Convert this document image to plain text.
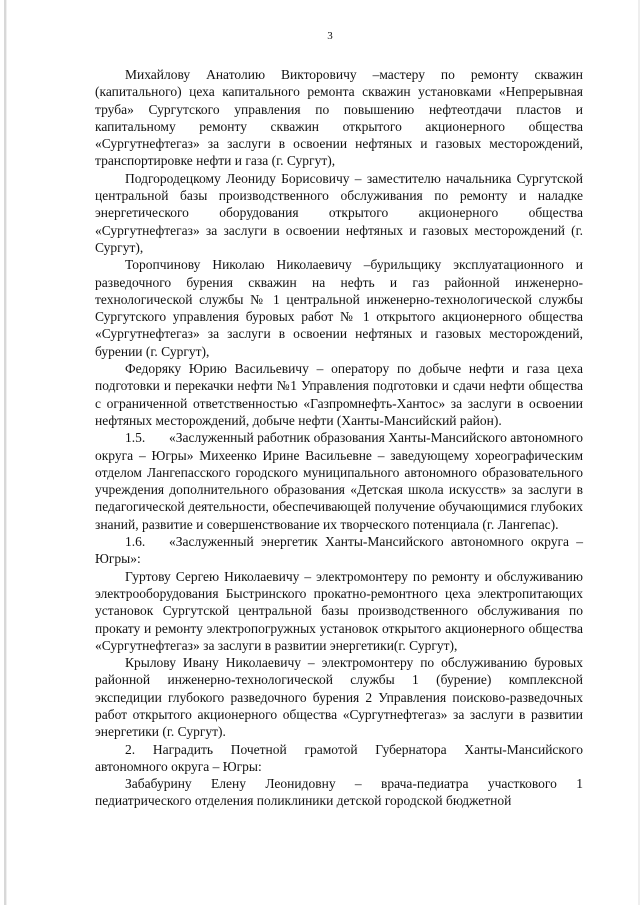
3

Михайлову Анатолию Викторовичу –мастеру по ремонту скважин (капитального) цеха капитального ремонта скважин установками «Непрерывная труба» Сургутского управления по повышению нефтеотдачи пластов и капитальному ремонту скважин открытого акционерного общества «Сургутнефтегаз» за заслуги в освоении нефтяных и газовых месторождений, транспортировке нефти и газа (г. Сургут),

Подгородецкому Леониду Борисовичу – заместителю начальника Сургутской центральной базы производственного обслуживания по ремонту и наладке энергетического оборудования открытого акционерного общества «Сургутнефтегаз» за заслуги в освоении нефтяных и газовых месторождений (г. Сургут),

Торопчинову Николаю Николаевичу –бурильщику эксплуатационного и разведочного бурения скважин на нефть и газ районной инженерно-технологической службы № 1 центральной инженерно-технологической службы Сургутского управления буровых работ № 1 открытого акционерного общества «Сургутнефтегаз» за заслуги в освоении нефтяных и газовых месторождений, бурении (г. Сургут),

Федоряку Юрию Васильевичу – оператору по добыче нефти и газа цеха подготовки и перекачки нефти №1 Управления подготовки и сдачи нефти общества с ограниченной ответственностью «Газпромнефть-Хантос» за заслуги в освоении нефтяных месторождений, добыче нефти (Ханты-Мансийский район).

1.5. «Заслуженный работник образования Ханты-Мансийского автономного округа – Югры» Михеенко Ирине Васильевне – заведующему хореографическим отделом Лангепасского городского муниципального автономного образовательного учреждения дополнительного образования «Детская школа искусств» за заслуги в педагогической деятельности, обеспечивающей получение обучающимися глубоких знаний, развитие и совершенствование их творческого потенциала (г. Лангепас).

1.6. «Заслуженный энергетик Ханты-Мансийского автономного округа – Югры»:

Гуртову Сергею Николаевичу – электромонтеру по ремонту и обслуживанию электрооборудования Быстринского прокатно-ремонтного цеха электропитающих установок Сургутской центральной базы производственного обслуживания по прокату и ремонту электропогружных установок открытого акционерного общества «Сургутнефтегаз» за заслуги в развитии энергетики(г. Сургут),

Крылову Ивану Николаевичу – электромонтеру по обслуживанию буровых районной инженерно-технологической службы 1 (бурение) комплексной экспедиции глубокого разведочного бурения 2 Управления поисково-разведочных работ открытого акционерного общества «Сургутнефтегаз» за заслуги в развитии энергетики (г. Сургут).

2. Наградить Почетной грамотой Губернатора Ханты-Мансийского автономного округа – Югры:

Забабурину Елену Леонидовну – врача-педиатра участкового 1 педиатрического отделения поликлиники детской городской бюджетной
